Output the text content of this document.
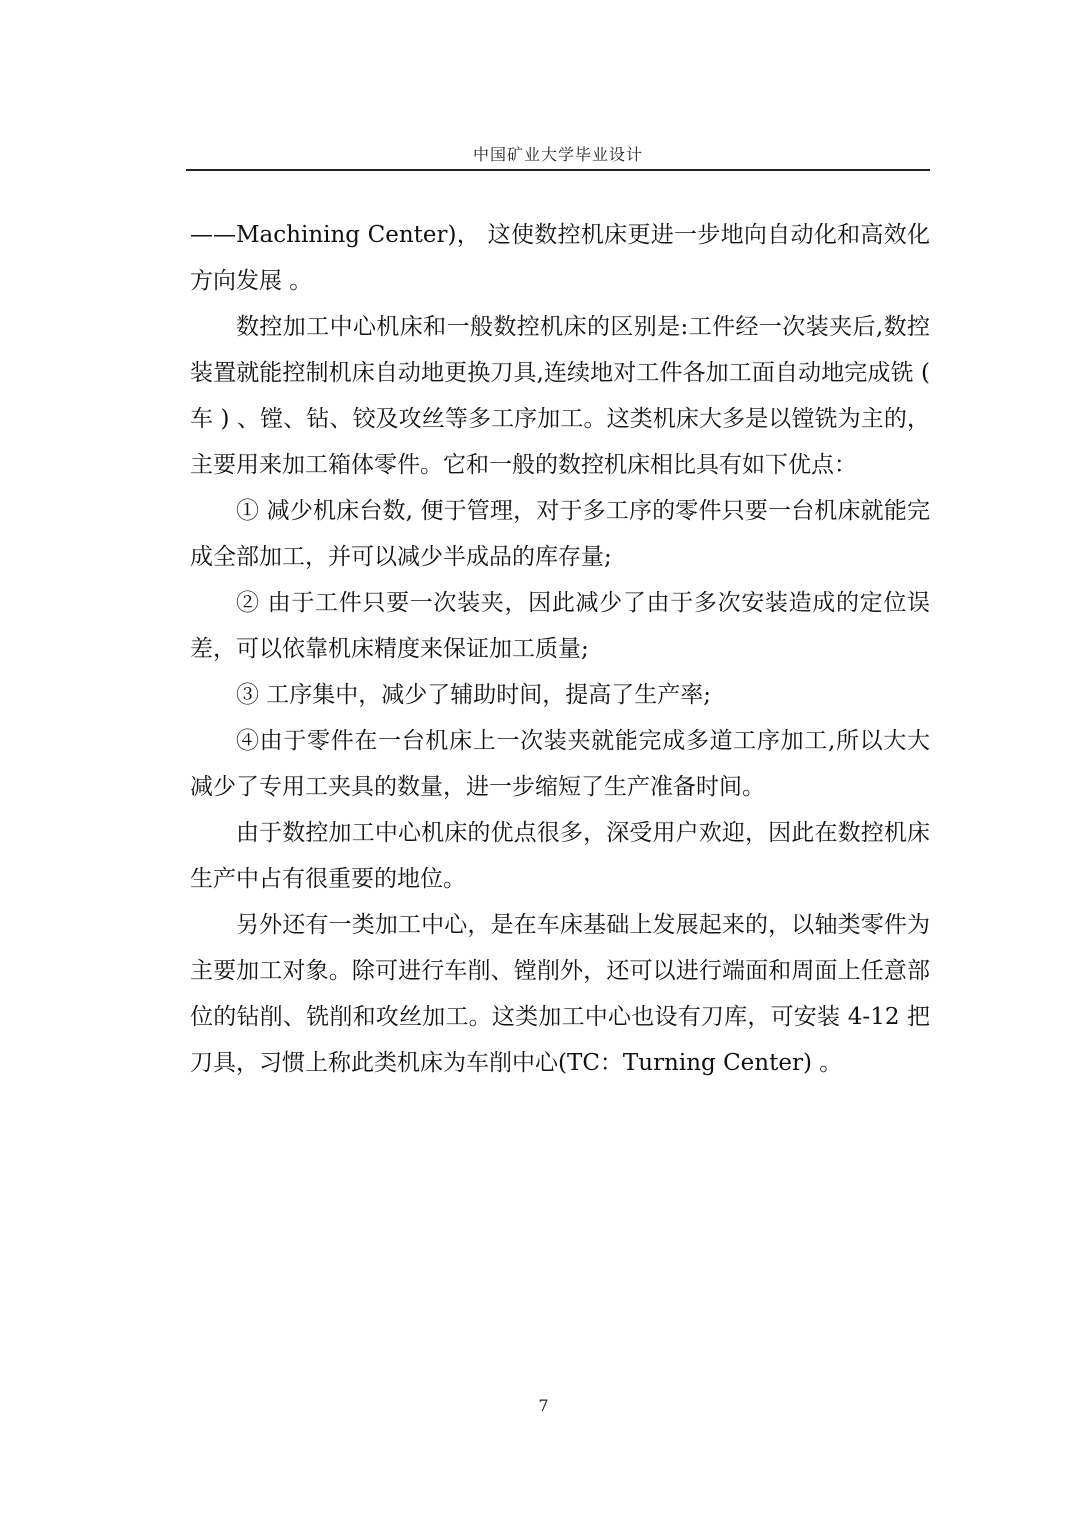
中国矿业大学毕业设计

——Machining Center)， 这使数控机床更进一步地向自动化和高效化方向发展 。

数控加工中心机床和一般数控机床的区别是:工件经一次装夹后,数控装置就能控制机床自动地更换刀具,连续地对工件各加工面自动地完成铣 ( 车 ) 、镗、钻、铰及攻丝等多工序加工。这类机床大多是以镗铣为主的，主要用来加工箱体零件。它和一般的数控机床相比具有如下优点：

① 减少机床台数, 便于管理，对于多工序的零件只要一台机床就能完成全部加工，并可以减少半成品的库存量;

② 由于工件只要一次装夹，因此减少了由于多次安装造成的定位误差，可以依靠机床精度来保证加工质量;

③ 工序集中，减少了辅助时间，提高了生产率;

④由于零件在一台机床上一次装夹就能完成多道工序加工,所以大大减少了专用工夹具的数量，进一步缩短了生产准备时间。

由于数控加工中心机床的优点很多，深受用户欢迎，因此在数控机床生产中占有很重要的地位。

另外还有一类加工中心，是在车床基础上发展起来的，以轴类零件为主要加工对象。除可进行车削、镗削外，还可以进行端面和周面上任意部位的钻削、铣削和攻丝加工。这类加工中心也设有刀库，可安装 4-12 把刀具，习惯上称此类机床为车削中心(TC：Turning Center) 。

7
